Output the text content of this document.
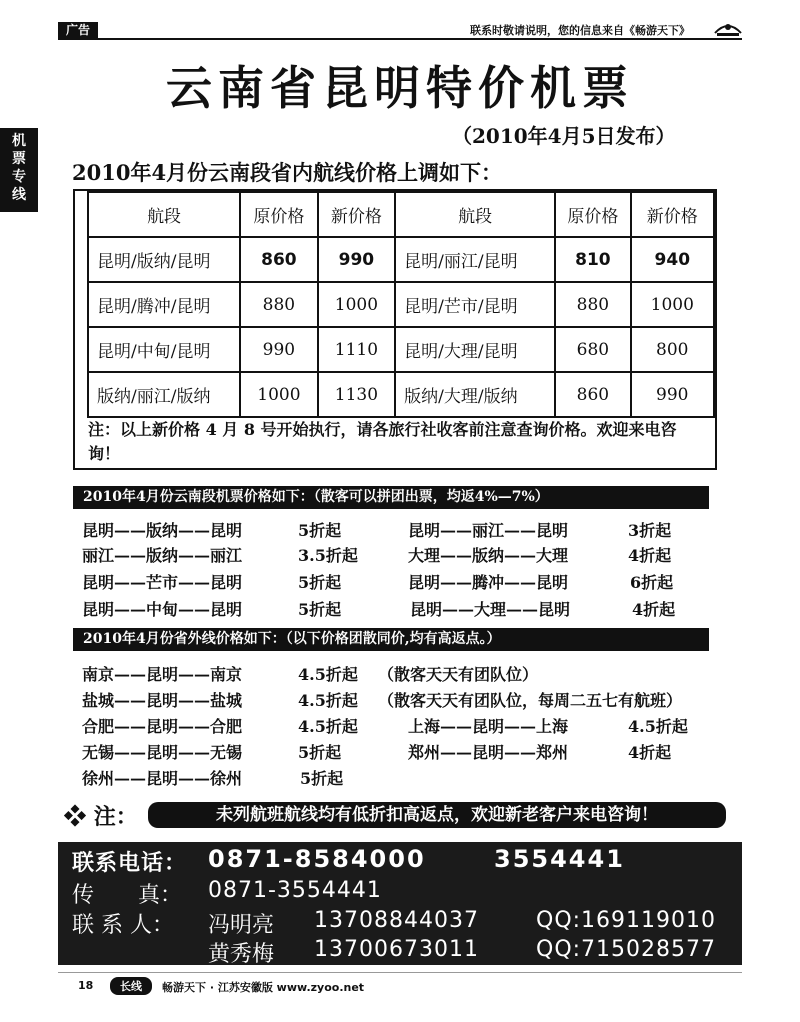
广告	联系时敬请说明，您的信息来自《畅游天下》
机
票
专
线
云南省昆明特价机票
（2010年4月5日发布）
2010年4月份云南段省内航线价格上调如下：
航段	原价格	新价格	航段	原价格	新价格
昆明/版纳/昆明	860	990	昆明/丽江/昆明	810	940
昆明/腾冲/昆明	880	1000	昆明/芒市/昆明	880	1000
昆明/中甸/昆明	990	1110	昆明/大理/昆明	680	800
版纳/丽江/版纳	1000	1130	版纳/大理/版纳	860	990
注：以上新价格 4 月 8 号开始执行，请各旅行社收客前注意查询价格。欢迎来电咨询！
2010年4月份云南段机票价格如下：（散客可以拼团出票，均返4%—7%）
昆明——版纳——昆明	5折起	昆明——丽江——昆明	3折起
丽江——版纳——丽江	3.5折起	大理——版纳——大理	4折起
昆明——芒市——昆明	5折起	昆明——腾冲——昆明	6折起
昆明——中甸——昆明	5折起	昆明——大理——昆明	4折起
2010年4月份省外线价格如下：（以下价格团散同价,均有高返点。）
南京——昆明——南京	4.5折起 （散客天天有团队位）
盐城——昆明——盐城	4.5折起 （散客天天有团队位，每周二五七有航班）
合肥——昆明——合肥	4.5折起	上海——昆明——上海	4.5折起
无锡——昆明——无锡	5折起	郑州——昆明——郑州	4折起
徐州——昆明——徐州	5折起
❖ 注：	未列航班航线均有低折扣高返点，欢迎新老客户来电咨询！
联系电话： 0871-8584000	3554441
传　　真： 0871-3554441
联 系 人： 冯明亮 13708844037	QQ:169119010
黄秀梅 13700673011	QQ:715028577
18	长线	畅游天下 · 江苏安徽版 www.zyoo.net
